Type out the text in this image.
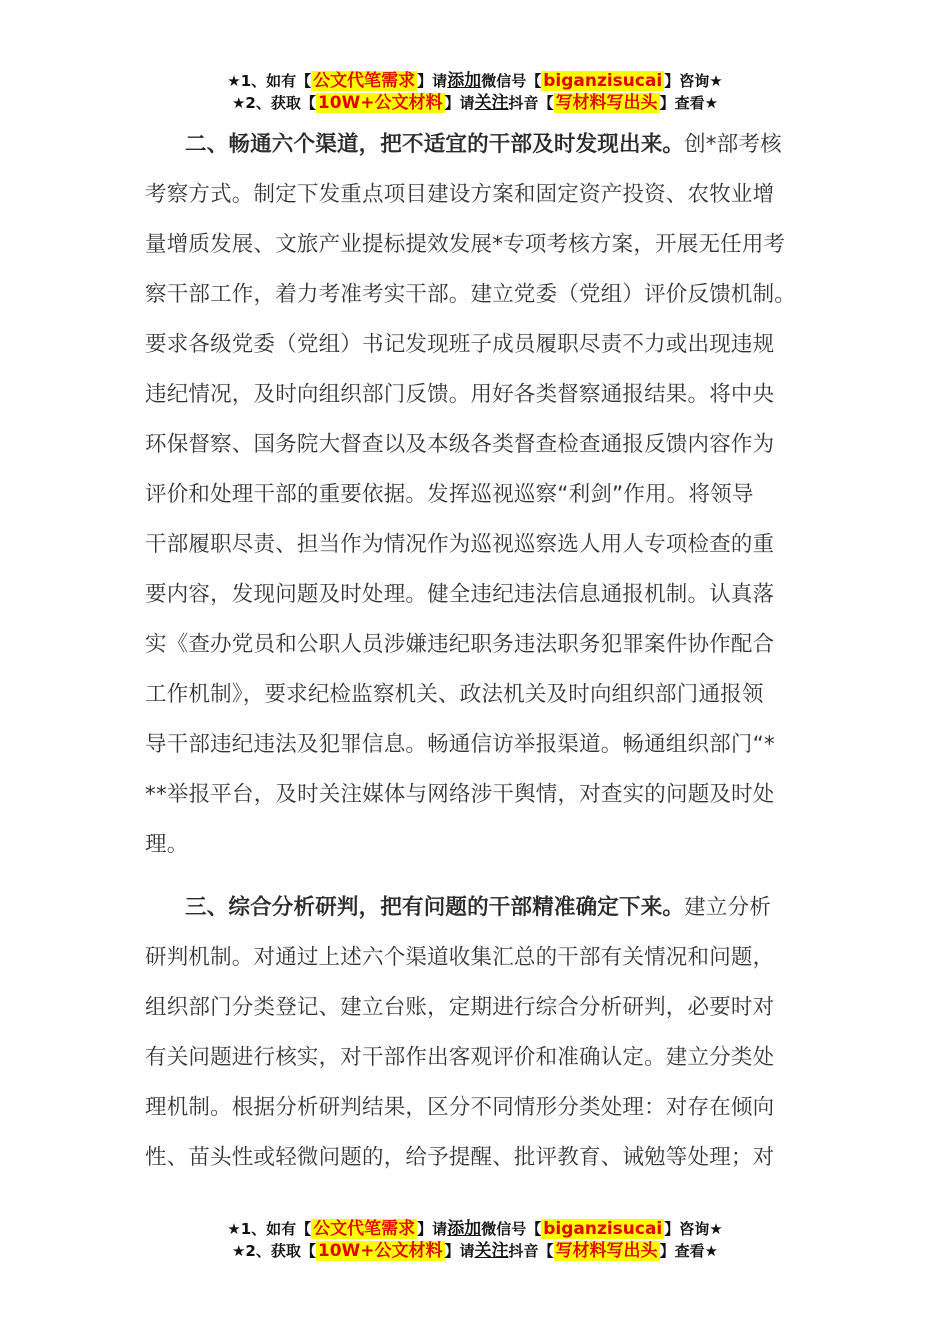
★1、如有【 公文代笔需求 】请添加微信号【 biganzisucai 】咨询★
★2、获取【 10W+公文材料 】请关注抖音【 写材料写出头 】查看★
二、畅通六个渠道，把不适宜的干部及时发现出来。创*部考核
考察方式。制定下发重点项目建设方案和固定资产投资、农牧业增
量增质发展、文旅产业提标提效发展*专项考核方案，开展无任用考
察干部工作，着力考准考实干部。建立党委（党组）评价反馈机制。
要求各级党委（党组）书记发现班子成员履职尽责不力或出现违规
违纪情况，及时向组织部门反馈。用好各类督察通报结果。将中央
环保督察、国务院大督查以及本级各类督查检查通报反馈内容作为
评价和处理干部的重要依据。发挥巡视巡察“利剑”作用。将领导
干部履职尽责、担当作为情况作为巡视巡察选人用人专项检查的重
要内容，发现问题及时处理。健全违纪违法信息通报机制。认真落
实《查办党员和公职人员涉嫌违纪职务违法职务犯罪案件协作配合
工作机制》，要求纪检监察机关、政法机关及时向组织部门通报领
导干部违纪违法及犯罪信息。畅通信访举报渠道。畅通组织部门“*
**举报平台，及时关注媒体与网络涉干舆情，对查实的问题及时处
理。
三、综合分析研判，把有问题的干部精准确定下来。建立分析
研判机制。对通过上述六个渠道收集汇总的干部有关情况和问题，
组织部门分类登记、建立台账，定期进行综合分析研判，必要时对
有关问题进行核实，对干部作出客观评价和准确认定。建立分类处
理机制。根据分析研判结果，区分不同情形分类处理：对存在倾向
性、苗头性或轻微问题的，给予提醒、批评教育、诫勉等处理；对
★1、如有【 公文代笔需求 】请添加微信号【 biganzisucai 】咨询★
★2、获取【 10W+公文材料 】请关注抖音【 写材料写出头 】查看★
